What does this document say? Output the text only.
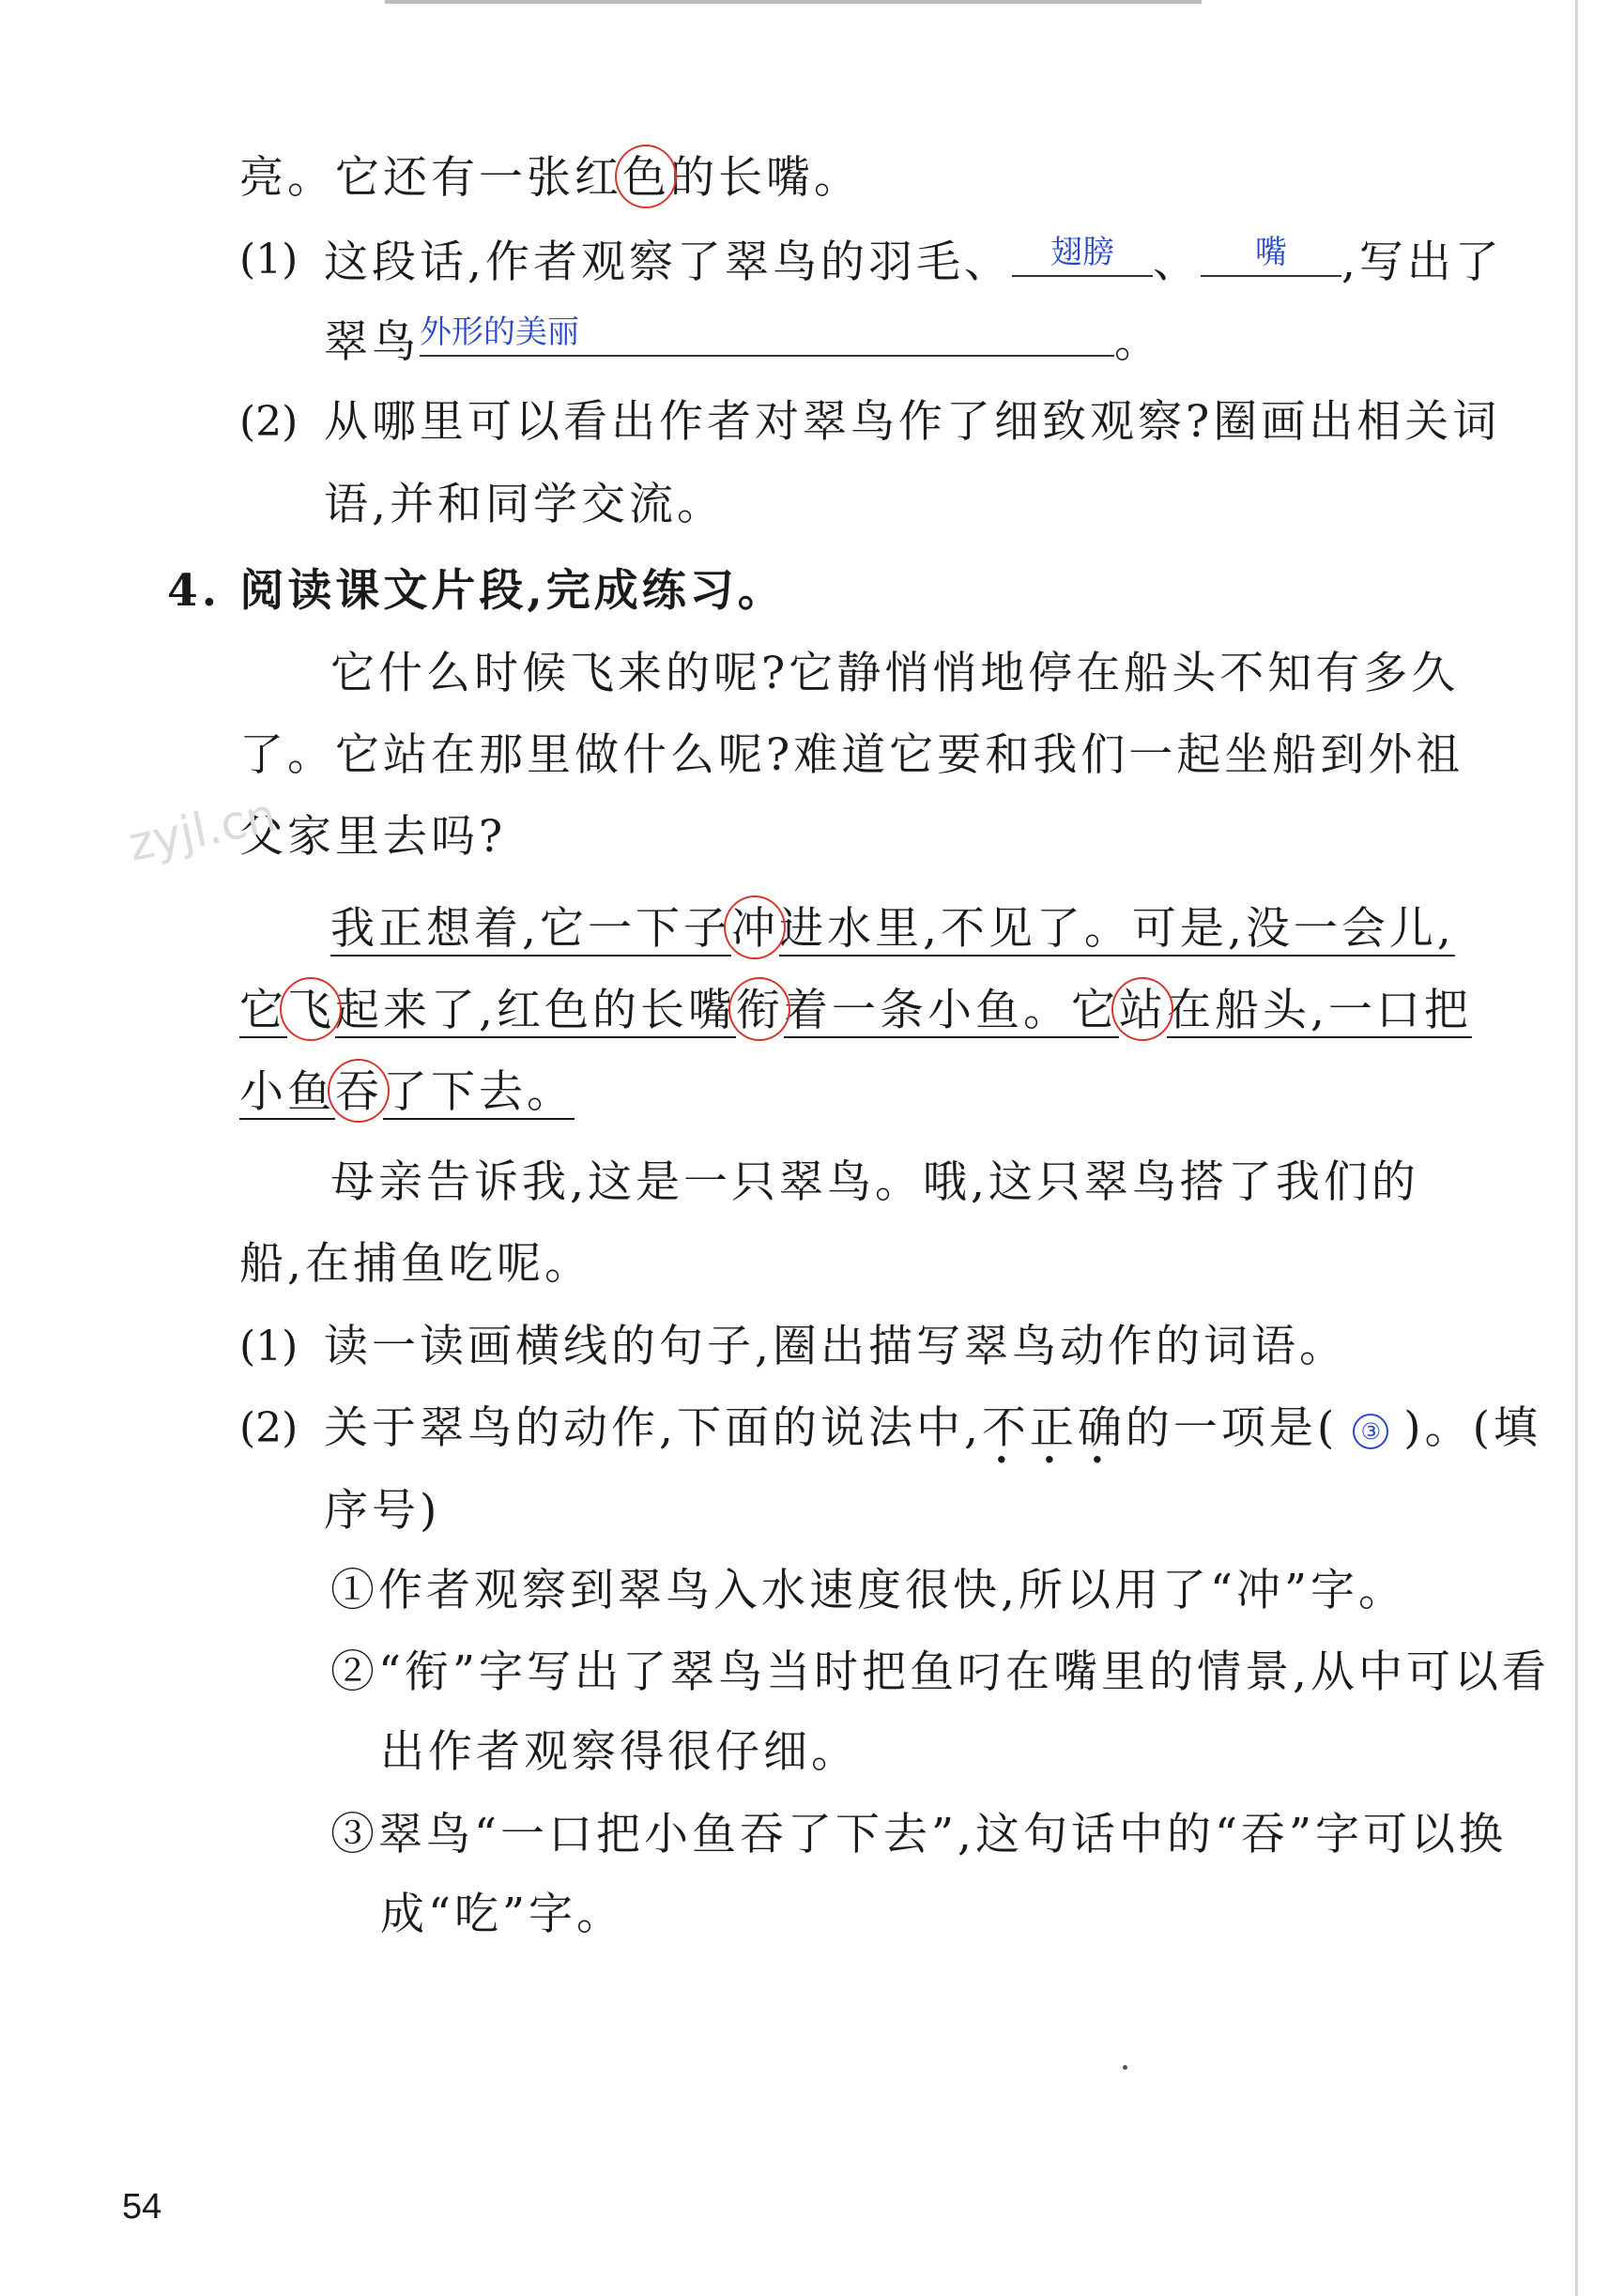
亮。它还有一张红色的长嘴。
(1) 这段话,作者观察了翠鸟的羽毛、	翅膀 、	嘴	,写出了
翠鸟 外形的美丽	。
(2) 从哪里可以看出作者对翠鸟作了细致观察?圈画出相关词
语,并和同学交流。
4. 阅读课文片段,完成练习。
它什么时候飞来的呢?它静悄悄地停在船头不知有多久
了。它站在那里做什么呢?难道它要和我们一起坐船到外祖
父家里去吗?
zyjl.cn
我正想着,它一下子冲进水里,不见了。可是,没一会儿,
它飞起来了,红色的长嘴衔着一条小鱼。它站在船头,一口把
小鱼吞了下去。
母亲告诉我,这是一只翠鸟。哦,这只翠鸟搭了我们的
船,在捕鱼吃呢。
(1) 读一读画横线的句子,圈出描写翠鸟动作的词语。
(2) 关于翠鸟的动作,下面的说法中,不正确的一项是( ③ )。(填
序号)
①作者观察到翠鸟入水速度很快,所以用了“冲”字。
②“衔”字写出了翠鸟当时把鱼叼在嘴里的情景,从中可以看
出作者观察得很仔细。
③翠鸟“一口把小鱼吞了下去”,这句话中的“吞”字可以换
成“吃”字。
54
